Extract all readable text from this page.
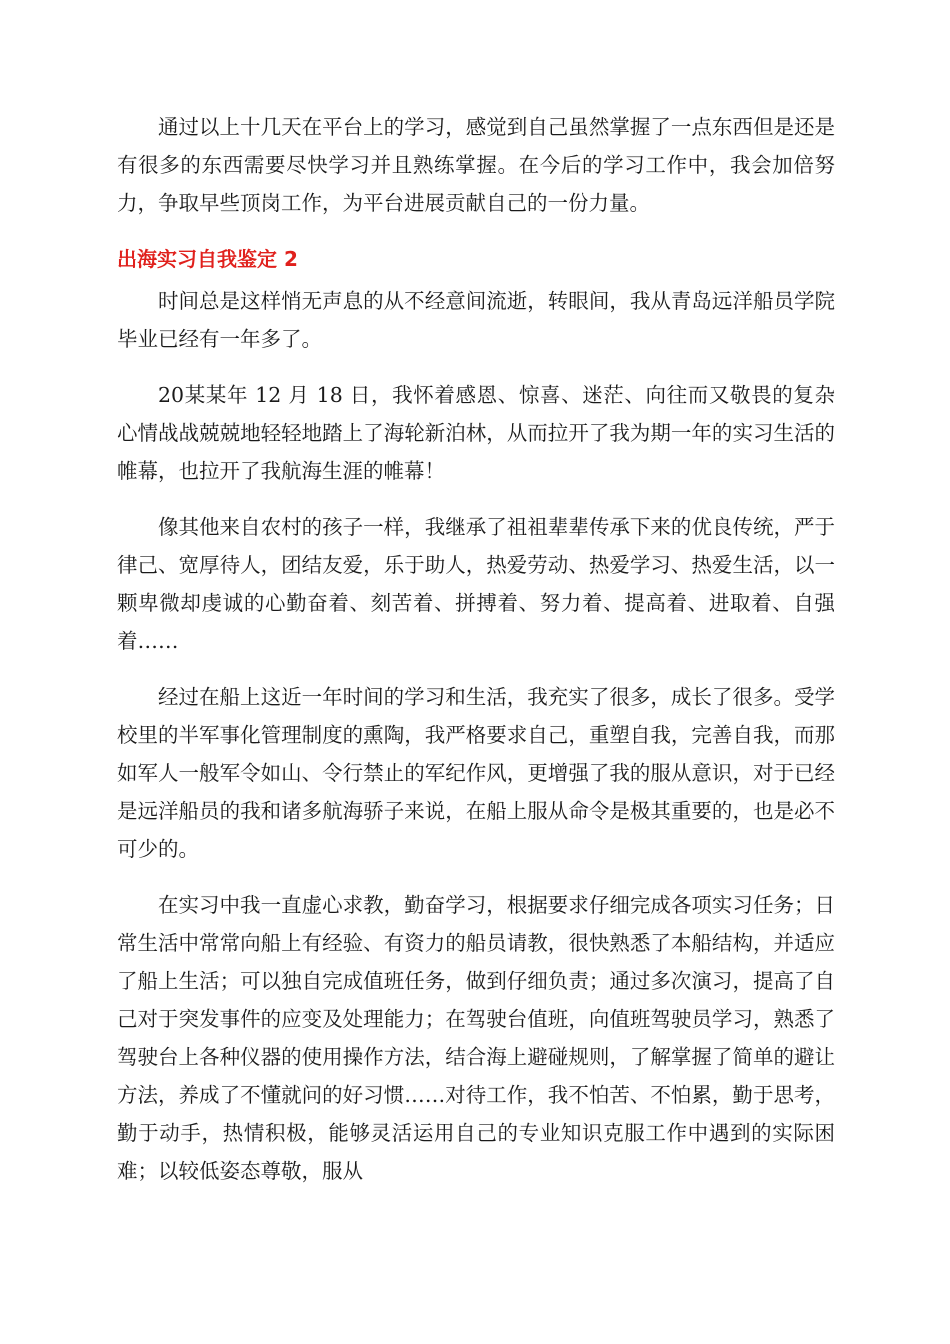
通过以上十几天在平台上的学习，感觉到自己虽然掌握了一点东西但是还是有很多的东西需要尽快学习并且熟练掌握。在今后的学习工作中，我会加倍努力，争取早些顶岗工作，为平台进展贡献自己的一份力量。

出海实习自我鉴定 2

时间总是这样悄无声息的从不经意间流逝，转眼间，我从青岛远洋船员学院毕业已经有一年多了。

20某某年 12 月 18 日，我怀着感恩、惊喜、迷茫、向往而又敬畏的复杂心情战战兢兢地轻轻地踏上了海轮新泊林，从而拉开了我为期一年的实习生活的帷幕，也拉开了我航海生涯的帷幕！

像其他来自农村的孩子一样，我继承了祖祖辈辈传承下来的优良传统，严于律己、宽厚待人，团结友爱，乐于助人，热爱劳动、热爱学习、热爱生活，以一颗卑微却虔诚的心勤奋着、刻苦着、拼搏着、努力着、提高着、进取着、自强着……

经过在船上这近一年时间的学习和生活，我充实了很多，成长了很多。受学校里的半军事化管理制度的熏陶，我严格要求自己，重塑自我，完善自我，而那如军人一般军令如山、令行禁止的军纪作风，更增强了我的服从意识，对于已经是远洋船员的我和诸多航海骄子来说，在船上服从命令是极其重要的，也是必不可少的。

在实习中我一直虚心求教，勤奋学习，根据要求仔细完成各项实习任务；日常生活中常常向船上有经验、有资力的船员请教，很快熟悉了本船结构，并适应了船上生活；可以独自完成值班任务，做到仔细负责；通过多次演习，提高了自己对于突发事件的应变及处理能力；在驾驶台值班，向值班驾驶员学习，熟悉了驾驶台上各种仪器的使用操作方法，结合海上避碰规则，了解掌握了简单的避让方法，养成了不懂就问的好习惯……对待工作，我不怕苦、不怕累，勤于思考，勤于动手，热情积极，能够灵活运用自己的专业知识克服工作中遇到的实际困难；以较低姿态尊敬，服从
